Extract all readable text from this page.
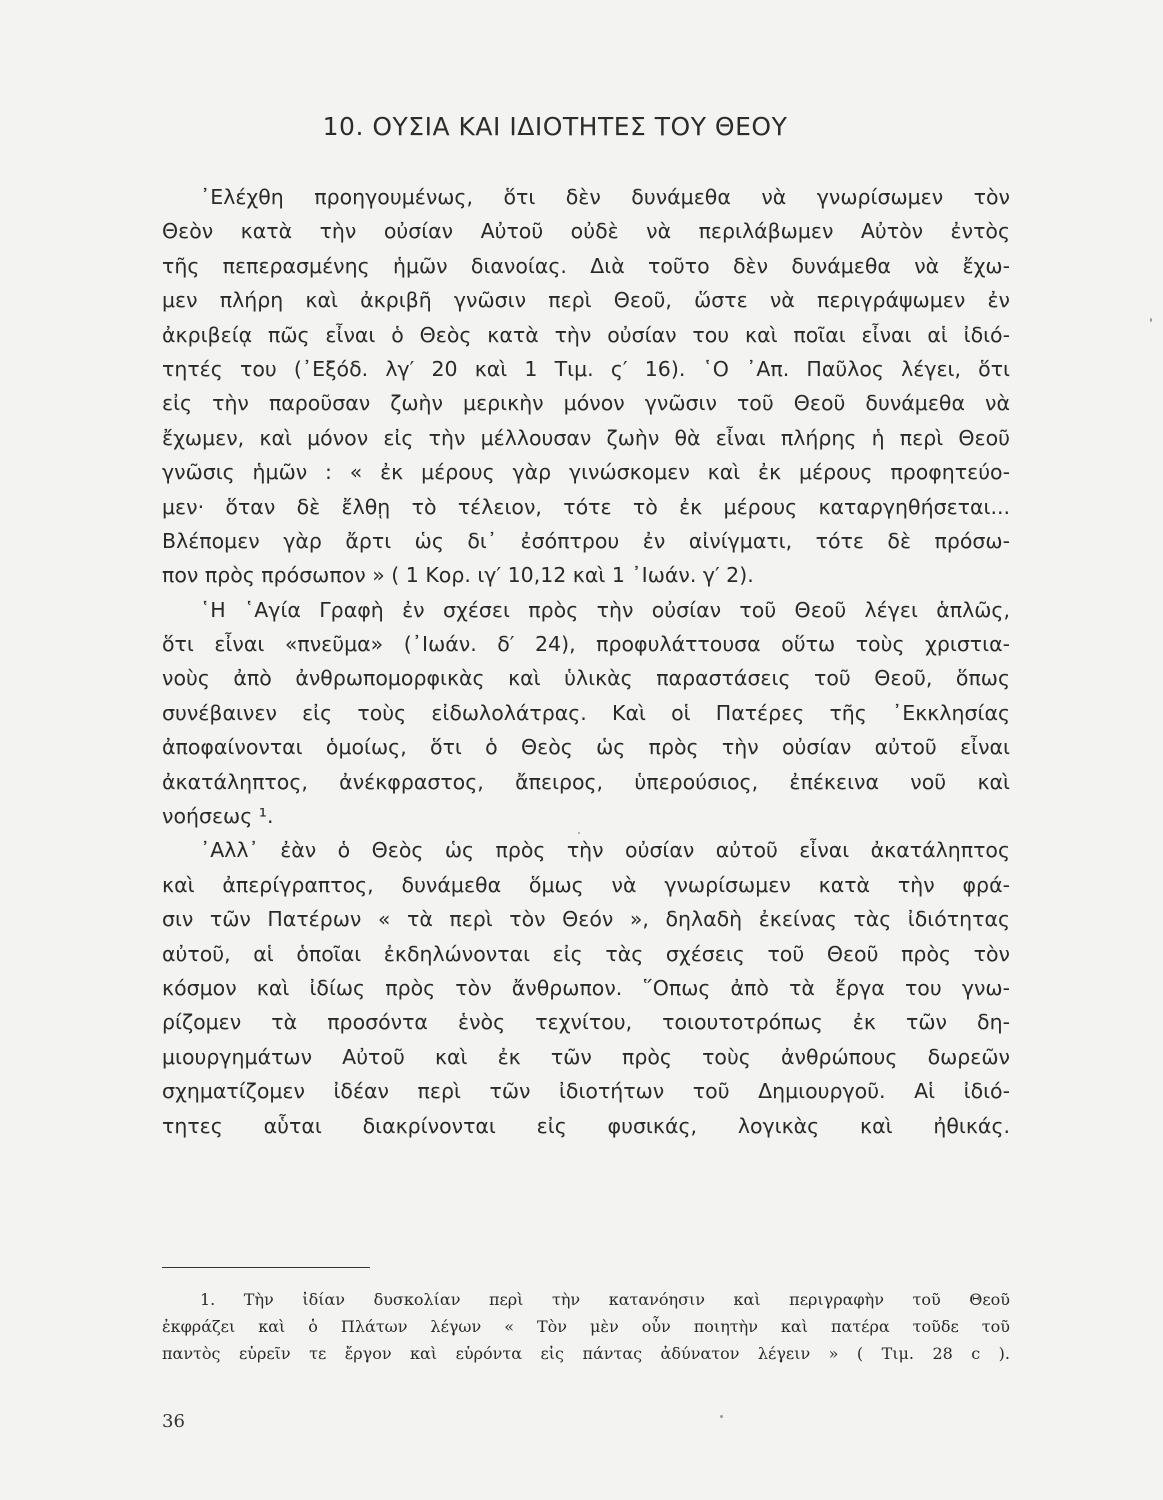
10. ΟΥΣΙΑ ΚΑΙ ΙΔΙΟΤΗΤΕΣ ΤΟΥ ΘΕΟΥ
᾿Ελέχθη προηγουμένως, ὅτι δὲν δυνάμεθα νὰ γνωρίσωμεν τὸν
Θεὸν κατὰ τὴν οὐσίαν Αὐτοῦ οὐδὲ νὰ περιλάβωμεν Αὐτὸν ἐντὸς
τῆς πεπερασμένης ἡμῶν διανοίας. Διὰ τοῦτο δὲν δυνάμεθα νὰ ἔχω-
μεν πλήρη καὶ ἀκριβῆ γνῶσιν περὶ Θεοῦ, ὥστε νὰ περιγράψωμεν ἐν
ἀκριβείᾳ πῶς εἶναι ὁ Θεὸς κατὰ τὴν οὐσίαν του καὶ ποῖαι εἶναι αἱ ἰδιό-
τητές του (᾿Εξόδ. λγ′ 20 καὶ 1 Τιμ. ς′ 16). ῾Ο ᾿Απ. Παῦλος λέγει, ὅτι
εἰς τὴν παροῦσαν ζωὴν μερικὴν μόνον γνῶσιν τοῦ Θεοῦ δυνάμεθα νὰ
ἔχωμεν, καὶ μόνον εἰς τὴν μέλλουσαν ζωὴν θὰ εἶναι πλήρης ἡ περὶ Θεοῦ
γνῶσις ἡμῶν : « ἐκ μέρους γὰρ γινώσκομεν καὶ ἐκ μέρους προφητεύο-
μεν· ὅταν δὲ ἔλθῃ τὸ τέλειον, τότε τὸ ἐκ μέρους καταργηθήσεται...
Βλέπομεν γὰρ ἄρτι ὡς δι᾿ ἐσόπτρου ἐν αἰνίγματι, τότε δὲ πρόσω-
πον πρὸς πρόσωπον » ( 1 Κορ. ιγ′ 10,12 καὶ 1 ᾿Ιωάν. γ′ 2).
῾Η ῾Αγία Γραφὴ ἐν σχέσει πρὸς τὴν οὐσίαν τοῦ Θεοῦ λέγει ἁπλῶς,
ὅτι εἶναι «πνεῦμα» (᾿Ιωάν. δ′ 24), προφυλάττουσα οὕτω τοὺς χριστια-
νοὺς ἀπὸ ἀνθρωπομορφικὰς καὶ ὑλικὰς παραστάσεις τοῦ Θεοῦ, ὅπως
συνέβαινεν εἰς τοὺς εἰδωλολάτρας. Καὶ οἱ Πατέρες τῆς ᾿Εκκλησίας
ἀποφαίνονται ὁμοίως, ὅτι ὁ Θεὸς ὡς πρὸς τὴν οὐσίαν αὐτοῦ εἶναι
ἀκατάληπτος, ἀνέκφραστος, ἄπειρος, ὑπερούσιος, ἐπέκεινα νοῦ καὶ
νοήσεως ¹.
᾿Αλλ᾿ ἐὰν ὁ Θεὸς ὡς πρὸς τὴν οὐσίαν αὐτοῦ εἶναι ἀκατάληπτος
καὶ ἀπερίγραπτος, δυνάμεθα ὅμως νὰ γνωρίσωμεν κατὰ τὴν φρά-
σιν τῶν Πατέρων « τὰ περὶ τὸν Θεόν », δηλαδὴ ἐκείνας τὰς ἰδιότητας
αὐτοῦ, αἱ ὁποῖαι ἐκδηλώνονται εἰς τὰς σχέσεις τοῦ Θεοῦ πρὸς τὸν
κόσμον καὶ ἰδίως πρὸς τὸν ἄνθρωπον. ῞Οπως ἀπὸ τὰ ἔργα του γνω-
ρίζομεν τὰ προσόντα ἑνὸς τεχνίτου, τοιουτοτρόπως ἐκ τῶν δη-
μιουργημάτων Αὐτοῦ καὶ ἐκ τῶν πρὸς τοὺς ἀνθρώπους δωρεῶν
σχηματίζομεν ἰδέαν περὶ τῶν ἰδιοτήτων τοῦ Δημιουργοῦ. Αἱ ἰδιό-
τητες αὗται διακρίνονται εἰς φυσικάς, λογικὰς καὶ ἠθικάς.
1. Τὴν ἰδίαν δυσκολίαν περὶ τὴν κατανόησιν καὶ περιγραφὴν τοῦ Θεοῦ
ἐκφράζει καὶ ὁ Πλάτων λέγων « Τὸν μὲν οὖν ποιητὴν καὶ πατέρα τοῦδε τοῦ
παντὸς εὑρεῖν τε ἔργον καὶ εὑρόντα εἰς πάντας ἀδύνατον λέγειν » ( Τιμ. 28 c ).
36
